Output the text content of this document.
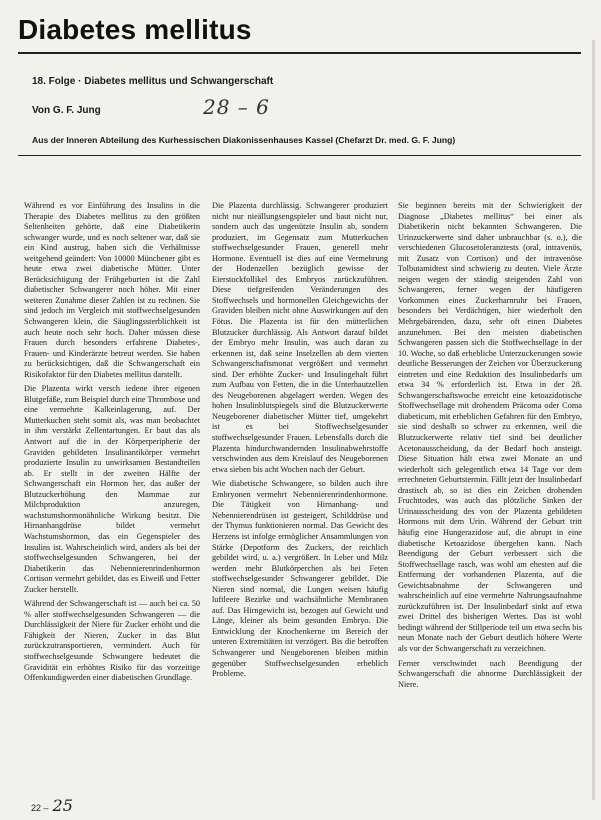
Diabetes mellitus
18. Folge · Diabetes mellitus und Schwangerschaft
Von G. F. Jung	28 – 6
Aus der Inneren Abteilung des Kurhessischen Diakonissenhauses Kassel (Chefarzt Dr. med. G. F. Jung)

Während es vor Einführung des Insulins in die Therapie des Diabetes mellitus zu den größten Seltenheiten gehörte, daß eine Diabetikerin schwanger wurde, und es noch seltener war, daß sie ein Kind austrug, haben sich die Verhältnisse weitgehend geändert: Von 10000 Münchener gibt es heute etwa zwei diabetische Mütter. Unter Berücksichtigung der Frühgeburten ist die Zahl diabetischer Schwangerer noch höher. Mit einer weiteren Zunahme dieser Zahlen ist zu rechnen. Sie sind jedoch im Vergleich mit stoffwechselgesunden Schwangeren klein, die Säuglingssterblichkeit ist auch heute noch sehr hoch. Daher müssen diese Frauen durch besonders erfahrene Diabetes-, Frauen- und Kinderärzte betreut werden. Sie haben zu berücksichtigen, daß die Schwangerschaft ein Risikofaktor für den Diabetes mellitus darstellt.

Die Plazenta wirkt versch iedene ihrer eigenen Blutgefäße, zum Beispiel durch eine Thrombose und eine vermehrte Kalkeinlagerung, auf. Der Mutterkuchen steht somit als, was man beobachtet in ihm verstärkt Zellentartungen. Er baut das als Antwort auf die in der Körperperipherie der Graviden gebildeten Insulinantikörper vermehrt produzierte Insulin zu unwirksamen Bestandteilen ab. Er stellt in der zweiten Hälfte der Schwangerschaft ein Hormon her, das außer der Blutzuckerhöhung den Mammae zur Milchproduktion anzuregen, wachstumshormonähnliche Wirkung besitzt. Die Hirnanhangdrüse bildet vermehrt Wachstumshormon, das ein Gegenspieler des Insulins ist. Wahrscheinlich wird, anders als bei der stoffwechselgesunden Schwangeren, bei der Diabetikerin das Nebennierenrindenhormon Cortison vermehrt gebildet, das es Eiweiß und Fetter Zucker herstellt.

Während der Schwangerschaft ist — auch bei ca. 50 % aller stoffwechselgesunden Schwangeren — die Durchlässigkeit der Niere für Zucker erhöht und die Fähigkeit der Nieren, Zucker in das Blut zurückzutransportieren, vermindert. Auch für stoffwechselgesunde Schwangere bedeutet die Gravidität ein erhöhtes Risiko für das vorzeitige Offenkundigwerden einer diabetischen Grundlage.

Die Plazenta durchlässig. Schwangerer produziert nicht nur nieällungsengspieler und baut nicht nur, sondern auch das ungenützte Insulin ab, sondern produziert, im Gegensatz zum Mutterkuchen stoffwechselgesunder Frauen, generell mehr Hormone. Eventuell ist dies auf eine Vermehrung der Hodenzellen bezüglich gewisse der Eierstockfollikel des Embryos zurückzuführen. Diese tiefgreifenden Veränderungen des Stoffwechsels und hormonellen Gleichgewichts der Graviden bleiben nicht ohne Auswirkungen auf den Fötus. Die Plazenta ist für den mütterlichen Blutzucker durchlässig. Als Antwort darauf bildet der Embryo mehr Insulin, was auch daran zu erkennen ist, daß seine Inselzellen ab dem vierten Schwangerschaftsmonat vergrößert und vermehrt sind. Der erhöhte Zucker- und Insulingehalt führt zum Aufbau von Fetten, die in die Unterhautzellen des Neugeborenen abgelagert werden. Wegen des hohen Insulinblutspiegels sind die Blutzuckerwerte Neugeborener diabetischer Mütter tief, umgekehrt ist es bei Stoffwechselgesunder stoffwechselgesunder Frauen. Lebensfalls durch die Plazenta hindurchwandernden Insulinabwehrstoffe verschwinden aus dem Kreislauf des Neugeborenen etwa sieben bis acht Wochen nach der Geburt.

Wie diabetische Schwangere, so bilden auch ihre Embryonen vermehrt Nebennierenrindenhormone. Die Tätigkeit von Hirnanhang- und Nebennierendrüsen ist gesteigert, Schilddrüse und der Thymus funktionieren normal. Das Gewicht des Herzens ist infolge ermöglicher Ansammlungen von Stärke (Depotform des Zuckers, der reichlich gebildet wird, u. a.) vergrößert. In Leber und Milz werden mehr Blutkörperchen als bei Feten stoffwechselgesunder Schwangerer gebildet. Die Nieren sind normal, die Lungen weisen häufig luftleere Bezirke und wachsähnliche Membranen auf. Das Hirngewicht ist, bezogen auf Gewicht und Länge, kleiner als beim gesunden Embryo. Die Entwicklung der Knochenkerne im Bereich der unteren Extremitäten ist verzögert. Bis die betroffen Schwangerer und Neugeborenen bleiben mithin gegenüber Stoffwechselgesunden erheblich Probleme.

Sie beginnen bereits mit der Schwierigkeit der Diagnose „Diabetes mellitus“ bei einer als Diabetikerin nicht bekannten Schwangeren. Die Urinzuckerwerte sind daher unbrauchbar (s. o.), die verschiedenen Glucosetoleranztests (oral, intravenös, mit Zusatz von Cortison) und der intravenöse Tolbutamidtest sind schwierig zu deuten. Viele Ärzte neigen wegen der ständig steigenden Zahl von Schwangeren, ferner wegen der häufigeren Vorkommen eines Zuckerharnruhr bei Frauen, besonders bei Verdächtigen, hier wiederholt den Mehrgebärenden, dazu, sehr oft einen Diabetes anzunehmen. Bei den meisten diabetischen Schwangeren passen sich die Stoffwechsellage in der 10. Woche, so daß erhebliche Unterzuckerungen sowie deutliche Besserungen der Zeichen vor Überzuckerung eintreten und eine Reduktion des Insulinbedarfs um etwa 34 % erforderlich ist. Etwa in der 28. Schwangerschaftswoche erreicht eine ketoazidotische Stoffwechsellage mit drohendem Präcoma oder Coma diabeticum, mit erheblichen Gefahren für den Embryo, sie sind deshalb so schwer zu erkennen, weil die Blutzuckerwerte relativ tief sind bei deutlicher Acetonausscheidung, da der Bedarf hoch ansteigt. Diese Situation hält etwa zwei Monate an und wiederholt sich gelegentlich etwa 14 Tage vor dem errechneten Geburtstermin. Fällt jetzt der Insulinbedarf drastisch ab, so ist dies ein Zeichen drohenden Fruchttodes, was auch das plötzliche Sinken der Urinausscheidung des von der Plazenta gebildeten Hormons mit dem Urin. Während der Geburt tritt häufig eine Hungerazidose auf, die abrupt in eine diabetische Ketoazidose übergehen kann. Nach Beendigung der Geburt verbessert sich die Stoffwechsellage rasch, was wohl am ehesten auf die Entfernung der vorhandenen Plazenta, auf die Gewichtsabnahme der Schwangeren und wahrscheinlich auf eine vermehrte Nahrungsaufnahme zurückzuführen ist. Der Insulinbedarf sinkt auf etwa zwei Drittel des bisherigen Wertes. Das ist wohl bedingt während der Stillperiode teil um etwa sechs bis neun Monate nach der Geburt deutlich höhere Werte als vor der Schwangerschaft zu verzeichnen.

Ferner verschwindet nach Beendigung der Schwangerschaft die abnorme Durchlässigkeit der Niere.

22 – 25
